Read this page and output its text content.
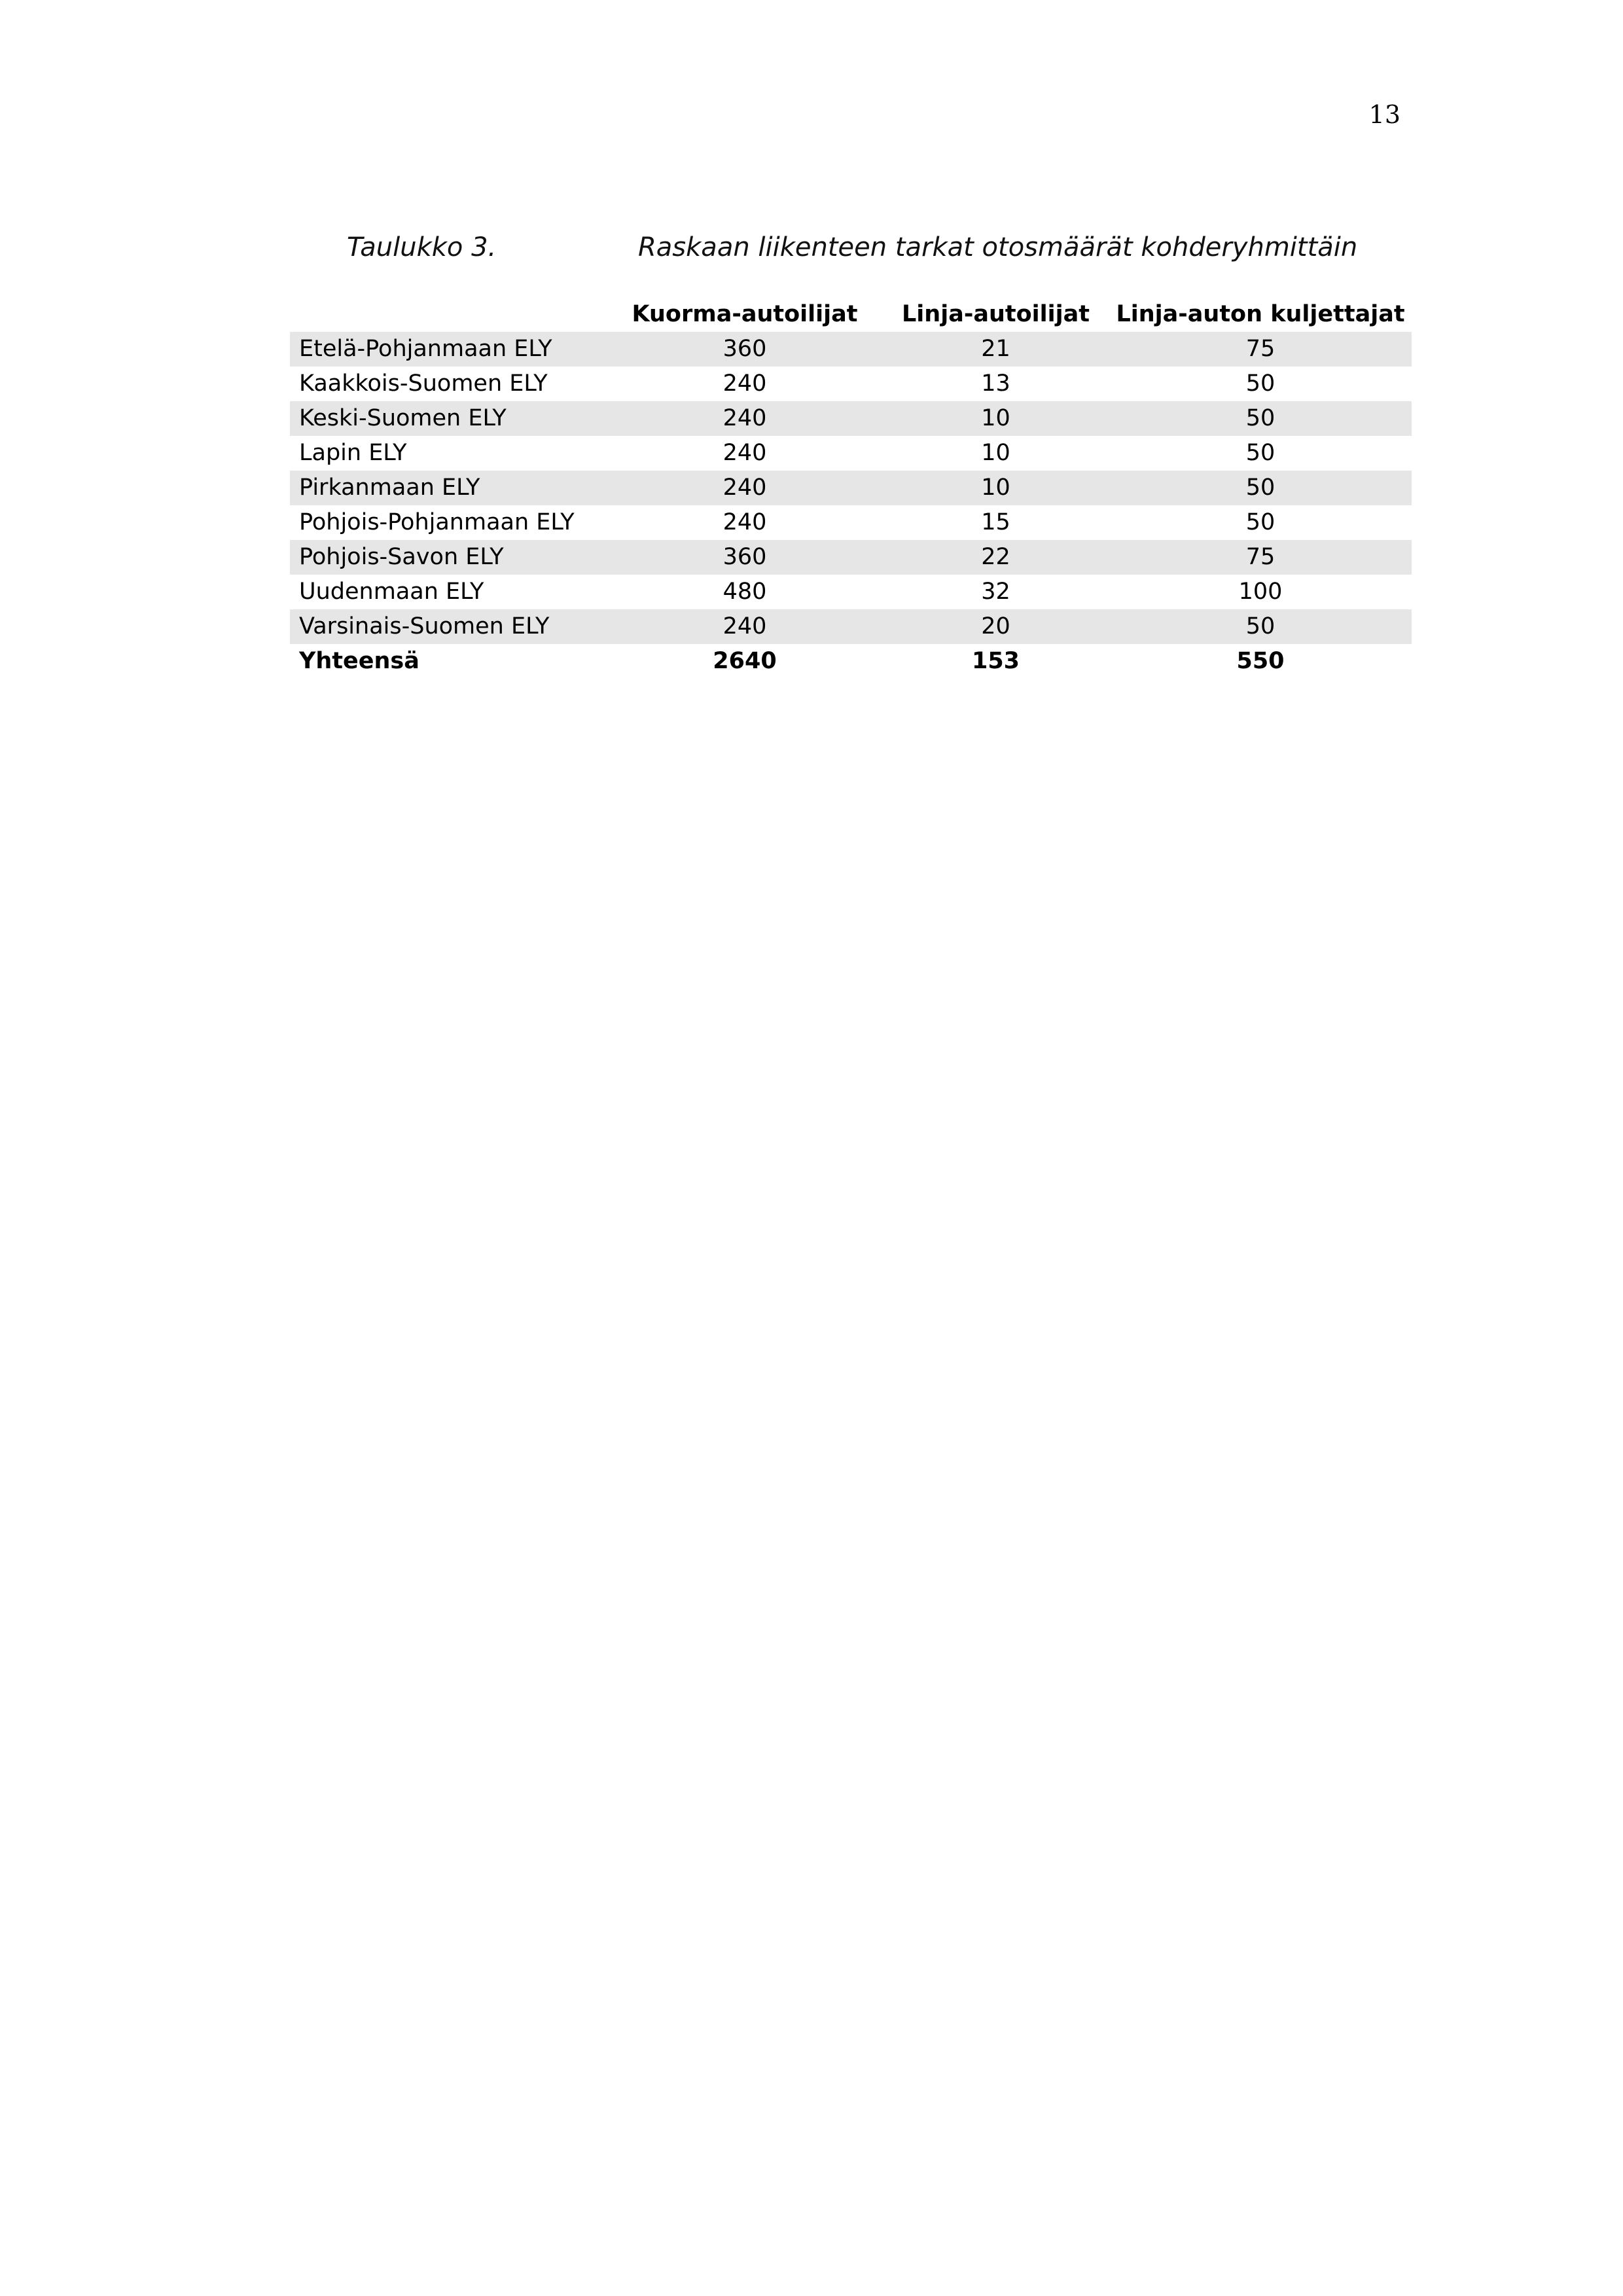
13
Taulukko 3.	Raskaan liikenteen tarkat otosmäärät kohderyhmittäin
	Kuorma-autoilijat	Linja-autoilijat	Linja-auton kuljettajat
Etelä-Pohjanmaan ELY	360	21	75
Kaakkois-Suomen ELY	240	13	50
Keski-Suomen ELY	240	10	50
Lapin ELY	240	10	50
Pirkanmaan ELY	240	10	50
Pohjois-Pohjanmaan ELY	240	15	50
Pohjois-Savon ELY	360	22	75
Uudenmaan ELY	480	32	100
Varsinais-Suomen ELY	240	20	50
Yhteensä	2640	153	550
